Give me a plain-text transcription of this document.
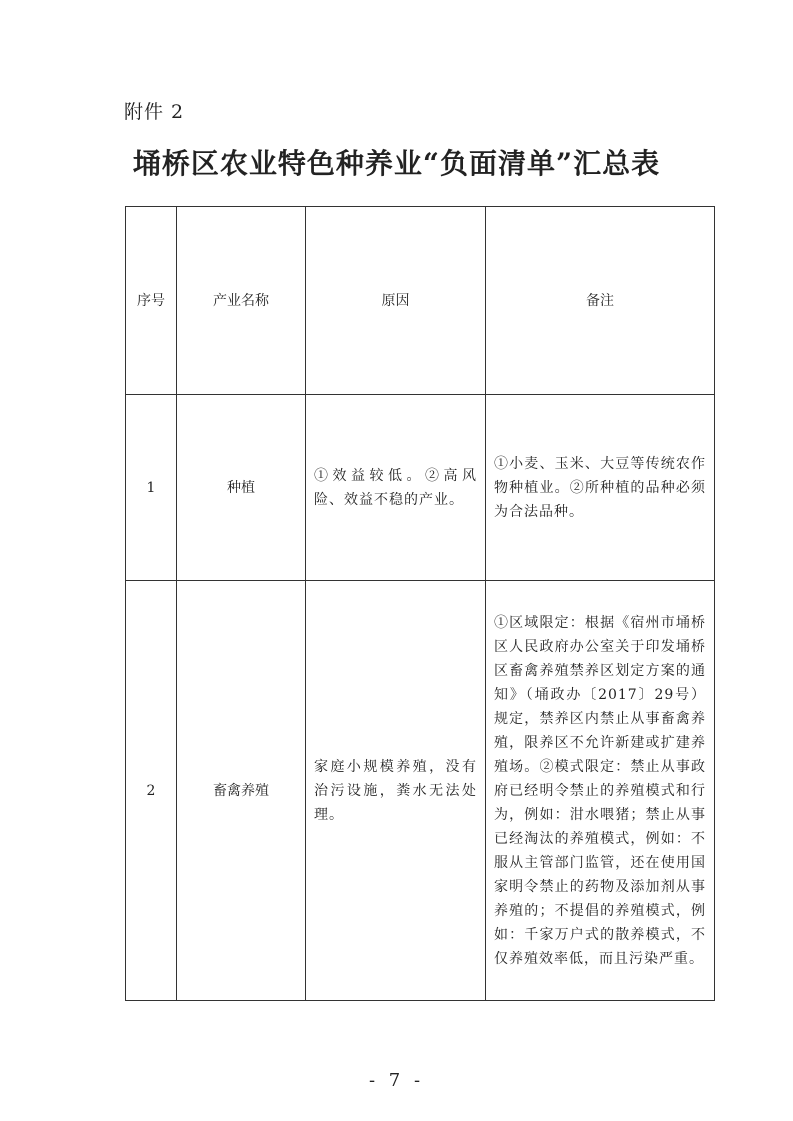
附件 2
埇桥区农业特色种养业“负面清单”汇总表
序号	产业名称	原因	备注
1	种植	①效益较低。②高风险、效益不稳的产业。	①小麦、玉米、大豆等传统农作物种植业。②所种植的品种必须为合法品种。
2	畜禽养殖	家庭小规模养殖，没有治污设施，粪水无法处理。	①区域限定：根据《宿州市埇桥区人民政府办公室关于印发埇桥区畜禽养殖禁养区划定方案的通知》（埇政办〔2017〕29号）规定，禁养区内禁止从事畜禽养殖，限养区不允许新建或扩建养殖场。②模式限定：禁止从事政府已经明令禁止的养殖模式和行为，例如：泔水喂猪；禁止从事已经淘汰的养殖模式，例如：不服从主管部门监管，还在使用国家明令禁止的药物及添加剂从事养殖的；不提倡的养殖模式，例如：千家万户式的散养模式，不仅养殖效率低，而且污染严重。
- 7 -
